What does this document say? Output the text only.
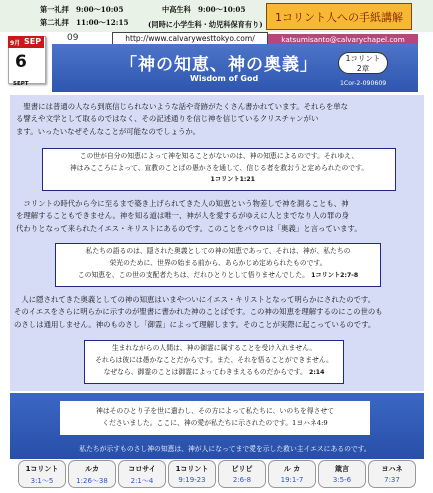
第一礼拝　9:00〜10:05	中高生科　9:00〜10:05
第二礼拝　11:00〜12:15	(同時に小学生科・幼児科保育有り)
1コリント人への手紙講解
9月 SEP
6
SEPT
09	http://www.calvarywesttokyo.com/	katsumisanto@calvarychapel.com
「神の知恵、神の奥義」
Wisdom of God
1コリント
2章
1Cor-2-090609
聖書には普通の人なら到底信じられないような話や奇跡がたくさん書かれています。それらを単な
る譬えや文学として取るのではなく、その記述通りを信じ神を信じているクリスチャンがい
ます。いったいなぜそんなことが可能なのでしょうか。
この世が自分の知恵によって神を知ることがないのは、神の知恵によるのです。それゆえ、
神はみこころによって、宣教のことばの愚かさを通して、信じる者を救おうと定められたのです。
1コリント1:21
コリントの時代から今に至るまで築き上げられてきた人の知恵という物差しで神を測ることも、神
を理解することもできません。神を知る道は唯一、神が人を愛するがゆえに人とまでなり人の罪の身
代わりとなって来られたイエス・キリストにあるのです。このことをパウロは「奥義」と言っています。
私たちの語るのは、隠された奥義としての神の知恵であって、それは、神が、私たちの
栄光のために、世界の始まる前から、あらかじめ定められたものです。
この知恵を、この世の支配者たちは、だれひとりとして悟りませんでした。 1コリント2:7-8
人に隠されてきた奥義としての神の知恵はいまやついにイエス・キリストとなって明らかにされたのです。
そのイエスをさらに明らかに示すのが聖書に書かれた神のことばです。この神の知恵を理解するのにこの世のも
のさしは通用しません。神のものさし「御霊」によって理解します。そのことが実際に起こっているのです。
生まれながらの人間は、神の御霊に属することを受け入れません。
それらは彼には愚かなことだからです。また、それを悟ることができません。
なぜなら、御霊のことは御霊によってわきまえるものだからです。 2:14
神はそのひとり子を世に遣わし、その方によって私たちに、いのちを得させて
くださいました。ここに、神の愛が私たちに示されたのです。1ヨハネ4:9
私たちが示すものさし神の知恵は、神が人になってまで愛を示した救い主イエスにあるのです。
1コリント
3:1〜5
ルカ
1:26〜38
コロサイ
2:1〜4
1コリント
9:19-23
ピリピ
2:6-8
ル カ
19:1-7
箴言
3:5-6
ヨハネ
7:37
